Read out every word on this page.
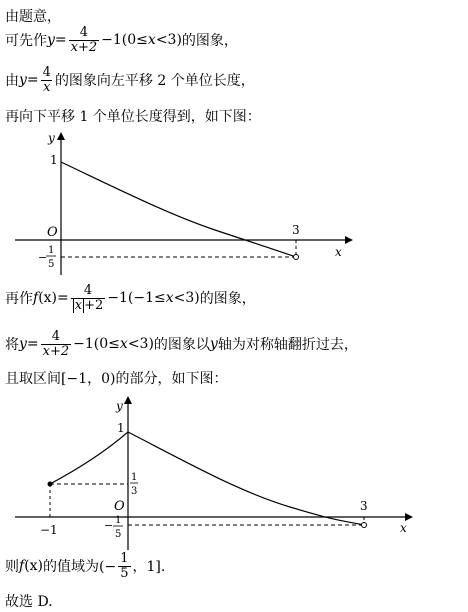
由题意，
可先作 $y = \frac{4}{x+2} -1(0\le x <3)$ 的图象，
由 $y = \frac{4}{x}$ 的图象向左平移 2 个单位长度，
再向下平移 1 个单位长度得到，如下图：
y
x
O
1
3
−
1
5
再作 f $(x) = \frac{4}{x +2} -1(-1\le x <3)$ 的图象，
将 $y = \frac{4}{x+2} -1(0\le x <3)$ 的图象以 y 轴为对称轴翻折过去，
且取区间[−1，0)的部分，如下图：
y
x
O
1
3
−1
1
3
− 1
5
则 f (x) 的值域为(− $\frac{1}{5}$ ，1].
故选 D.
